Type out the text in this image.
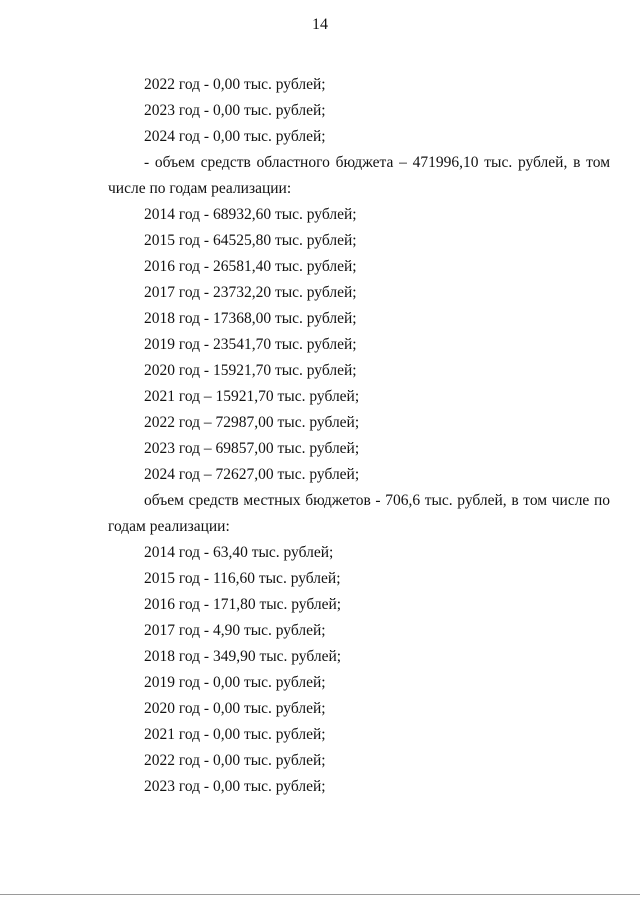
14
2022 год - 0,00 тыс. рублей;
2023 год - 0,00 тыс. рублей;
2024 год - 0,00 тыс. рублей;
- объем средств областного бюджета – 471996,10 тыс. рублей, в том
числе по годам реализации:
2014 год - 68932,60 тыс. рублей;
2015 год - 64525,80 тыс. рублей;
2016 год - 26581,40 тыс. рублей;
2017 год - 23732,20 тыс. рублей;
2018 год - 17368,00 тыс. рублей;
2019 год - 23541,70 тыс. рублей;
2020 год - 15921,70 тыс. рублей;
2021 год – 15921,70 тыс. рублей;
2022 год – 72987,00 тыс. рублей;
2023 год – 69857,00 тыс. рублей;
2024 год – 72627,00 тыс. рублей;
объем средств местных бюджетов - 706,6 тыс. рублей, в том числе по
годам реализации:
2014 год - 63,40 тыс. рублей;
2015 год - 116,60 тыс. рублей;
2016 год - 171,80 тыс. рублей;
2017 год - 4,90 тыс. рублей;
2018 год - 349,90 тыс. рублей;
2019 год - 0,00 тыс. рублей;
2020 год - 0,00 тыс. рублей;
2021 год - 0,00 тыс. рублей;
2022 год - 0,00 тыс. рублей;
2023 год - 0,00 тыс. рублей;
